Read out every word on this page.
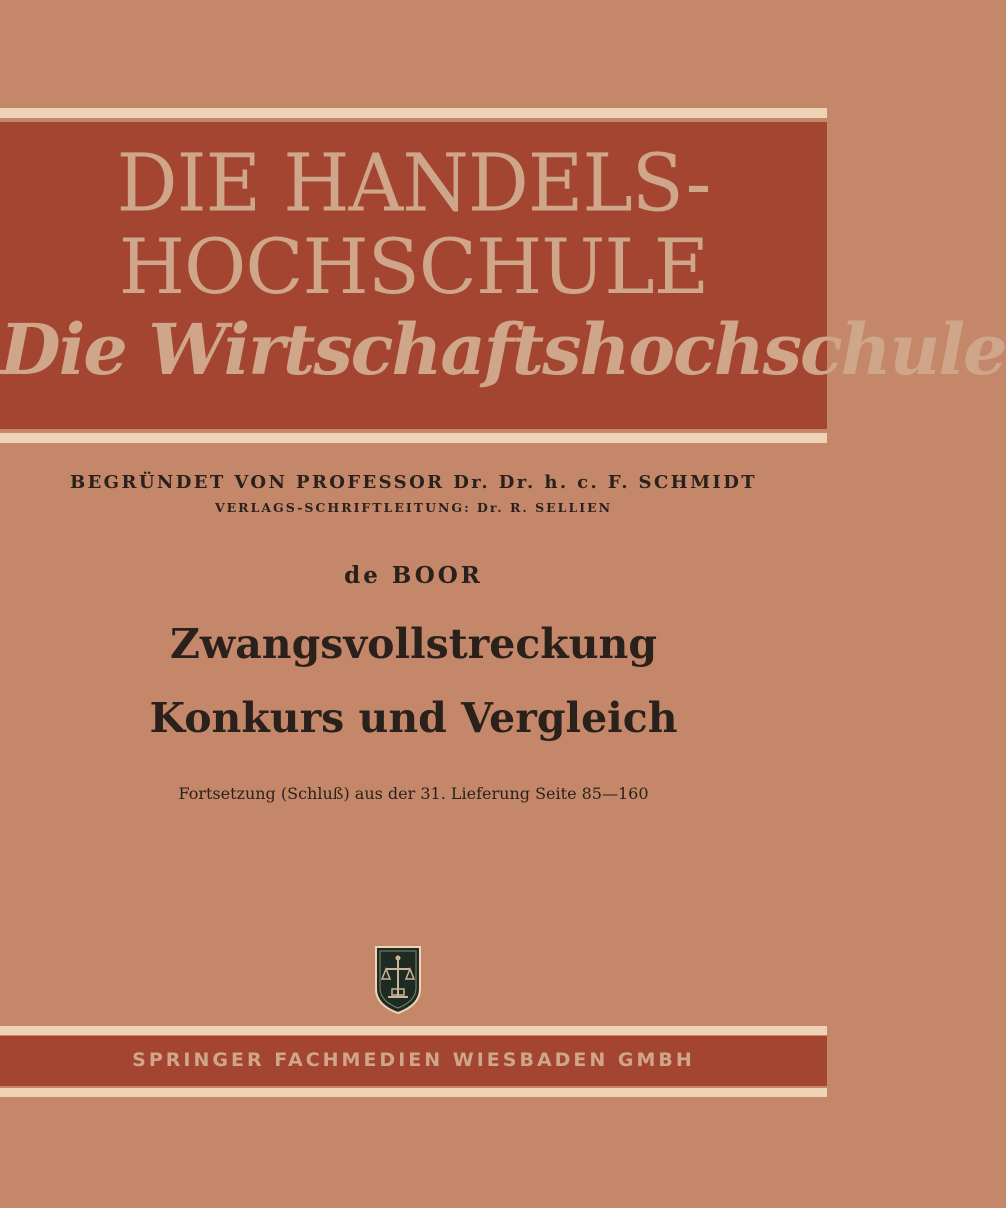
DIE HANDELS-
HOCHSCHULE
Die Wirtschaftshochschule
BEGRÜNDET VON PROFESSOR Dr. Dr. h. c. F. SCHMIDT
VERLAGS-SCHRIFTLEITUNG: Dr. R. SELLIEN
de BOOR
Zwangsvollstreckung
Konkurs und Vergleich
Fortsetzung (Schluß) aus der 31. Lieferung Seite 85—160
SPRINGER FACHMEDIEN WIESBADEN GMBH
